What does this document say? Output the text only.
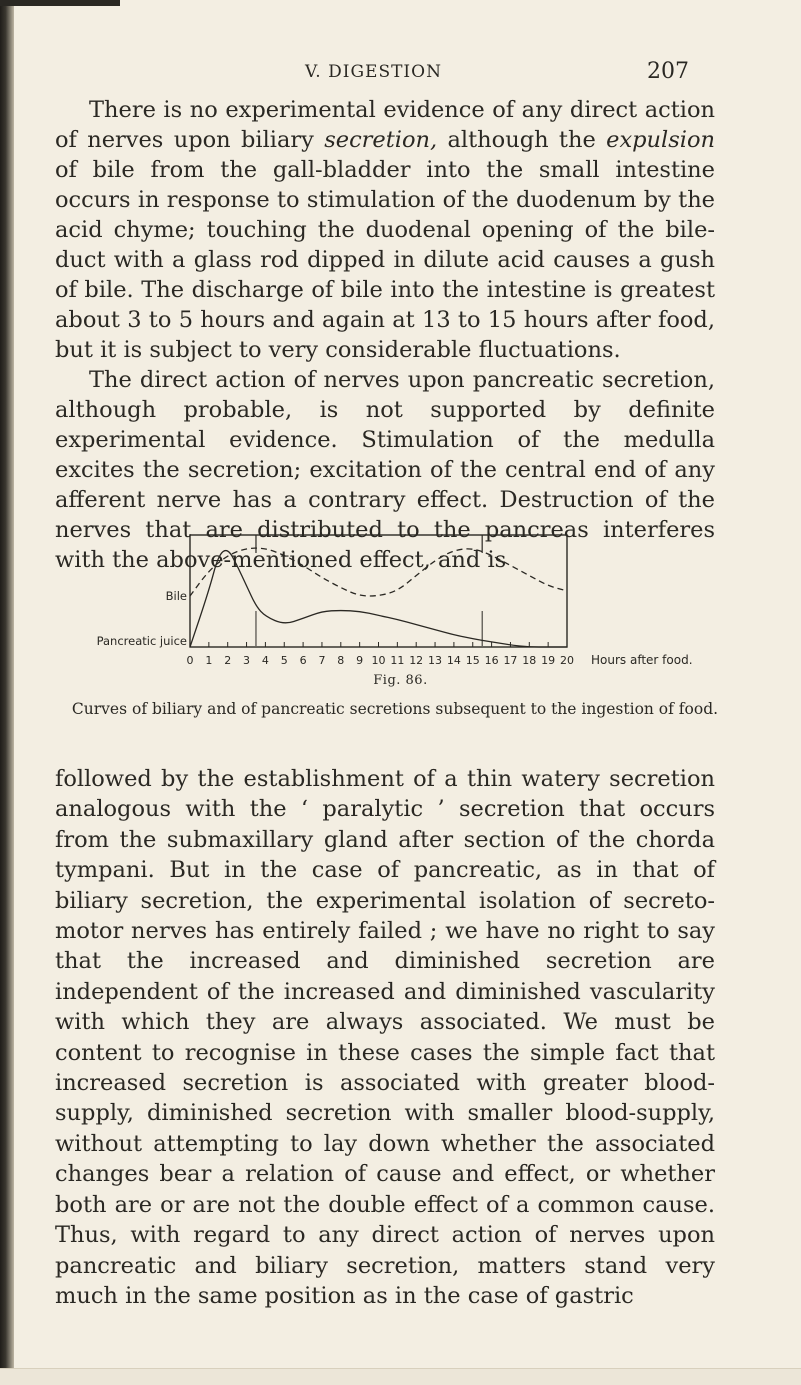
V. DIGESTION	207

There is no experimental evidence of any direct action of nerves upon biliary secretion, although the expulsion of bile from the gall-bladder into the small intestine occurs in response to stimulation of the duodenum by the acid chyme; touching the duodenal opening of the bile-duct with a glass rod dipped in dilute acid causes a gush of bile. The discharge of bile into the intestine is greatest about 3 to 5 hours and again at 13 to 15 hours after food, but it is subject to very considerable fluctuations.

The direct action of nerves upon pancreatic secretion, although probable, is not supported by definite experimental evidence. Stimulation of the medulla excites the secretion; excitation of the central end of any afferent nerve has a contrary effect. Destruction of the nerves that are distributed to the pancreas interferes with the above-mentioned effect, and is

0 1 2 3 4 5 6 7 8 9 10 11 12 13 14 15 16 17 18 19 20 Hours after food.
Bile
Pancreatic juice
Fig. 86.
Curves of biliary and of pancreatic secretions subsequent to the ingestion of food.

followed by the establishment of a thin watery secretion analogous with the ‘ paralytic ’ secretion that occurs from the submaxillary gland after section of the chorda tympani. But in the case of pancreatic, as in that of biliary secretion, the experimental isolation of secreto-motor nerves has entirely failed ; we have no right to say that the increased and diminished secretion are independent of the increased and diminished vascularity with which they are always associated. We must be content to recognise in these cases the simple fact that increased secretion is associated with greater blood-supply, diminished secretion with smaller blood-supply, without attempting to lay down whether the associated changes bear a relation of cause and effect, or whether both are or are not the double effect of a common cause. Thus, with regard to any direct action of nerves upon pancreatic and biliary secretion, matters stand very much in the same position as in the case of gastric
